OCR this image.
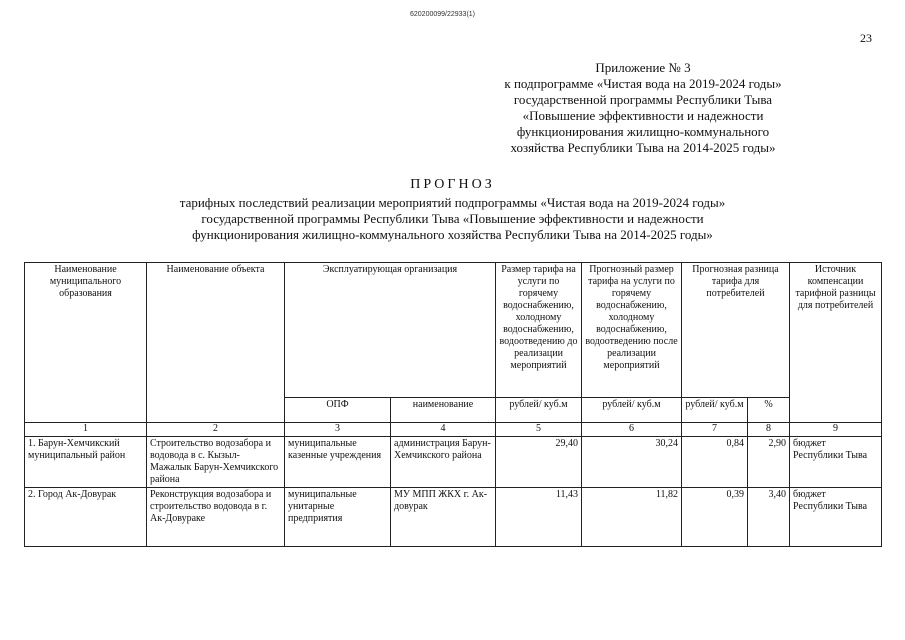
620200099/22933(1)
23
Приложение № 3
к подпрограмме «Чистая вода на 2019-2024 годы»
государственной программы Республики Тыва
«Повышение эффективности и надежности
функционирования жилищно-коммунального
хозяйства Республики Тыва на 2014-2025 годы»
ПРОГНОЗ
тарифных последствий реализации мероприятий подпрограммы «Чистая вода на 2019-2024 годы»
государственной программы Республики Тыва «Повышение эффективности и надежности
функционирования жилищно-коммунального хозяйства Республики Тыва на 2014-2025 годы»
Наименование муниципального образования	Наименование объекта	Эксплуатирующая организация		Размер тарифа на услуги по горячему водоснабжению, холодному водоснабжению, водоотведению до реализации мероприятий	Прогнозный размер тарифа на услуги по горячему водоснабжению, холодному водоснабжению, водоотведению после реализации мероприятий	Прогнозная разница тарифа для потребителей		Источник компенсации тарифной разницы для потребителей
		ОПФ	наименование	рублей/ куб.м	рублей/ куб.м	рублей/ куб.м	%	
1	2	3	4	5	6	7	8	9
1. Барун-Хемчикский муниципальный район	Строительство водозабора и водовода в с. Кызыл-Мажалык Барун-Хемчикского района	муниципальные казенные учреждения	администрация Барун-Хемчикского района	29,40	30,24	0,84	2,90	бюджет Республики Тыва
2. Город Ак-Довурак	Реконструкция водозабора и строительство водовода в г. Ак-Довураке	муниципальные унитарные предприятия	МУ МПП ЖКХ г. Ак-довурак	11,43	11,82	0,39	3,40	бюджет Республики Тыва
